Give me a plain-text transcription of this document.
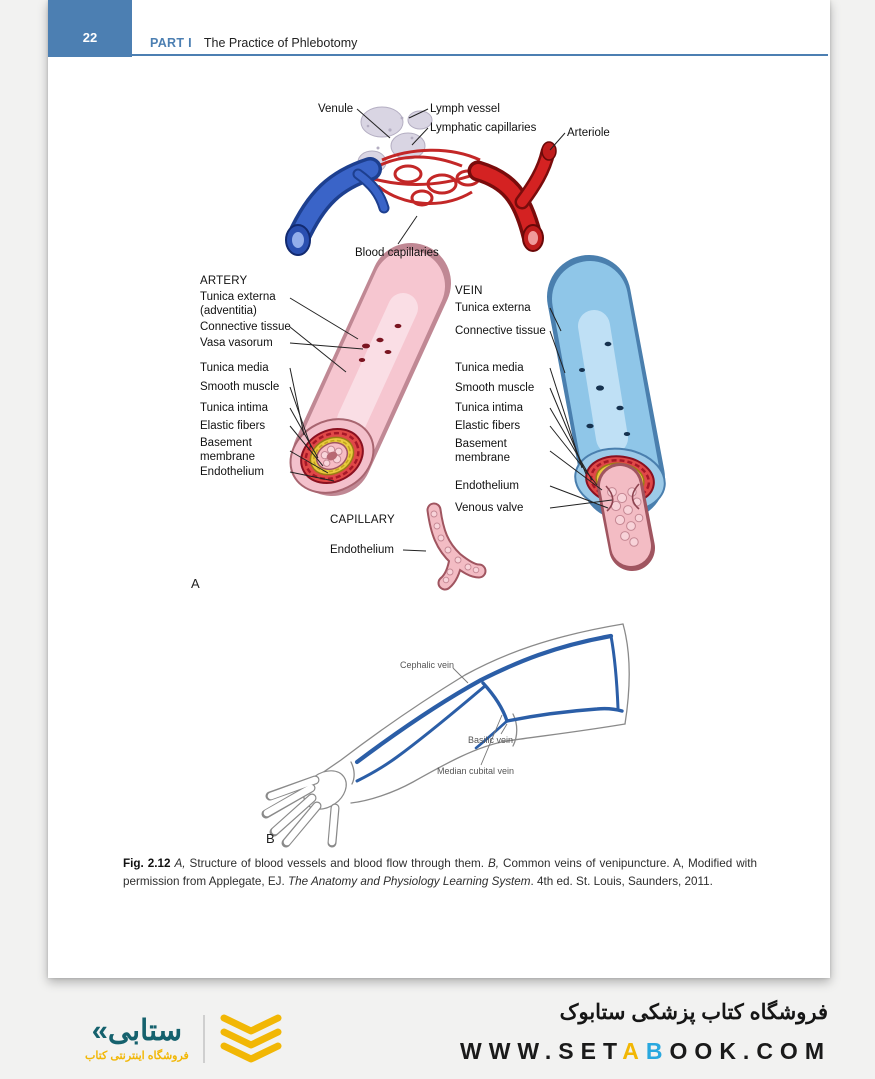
22	PART I The Practice of Phlebotomy
Venule	Lymph vessel
Lymphatic capillaries	Arteriole
Blood capillaries
ARTERY
Tunica externa (adventitia)
Connective tissue
Vasa vasorum
Tunica media
Smooth muscle
Tunica intima
Elastic fibers
Basement membrane
Endothelium
VEIN
Tunica externa
Connective tissue
Tunica media
Smooth muscle
Tunica intima
Elastic fibers
Basement membrane
Endothelium
Venous valve
CAPILLARY
Endothelium
A
Cephalic vein
Basilic vein
Median cubital vein
B

Fig. 2.12 A, Structure of blood vessels and blood flow through them. B, Common veins of venipuncture. A, Modified with permission from Applegate, EJ. The Anatomy and Physiology Learning System. 4th ed. St. Louis, Saunders, 2011.

فروشگاه کتاب پزشکی ستابوک
WWW.SETABOOK.COM
«ستابی
فروشگاه اینترنتی کتاب
